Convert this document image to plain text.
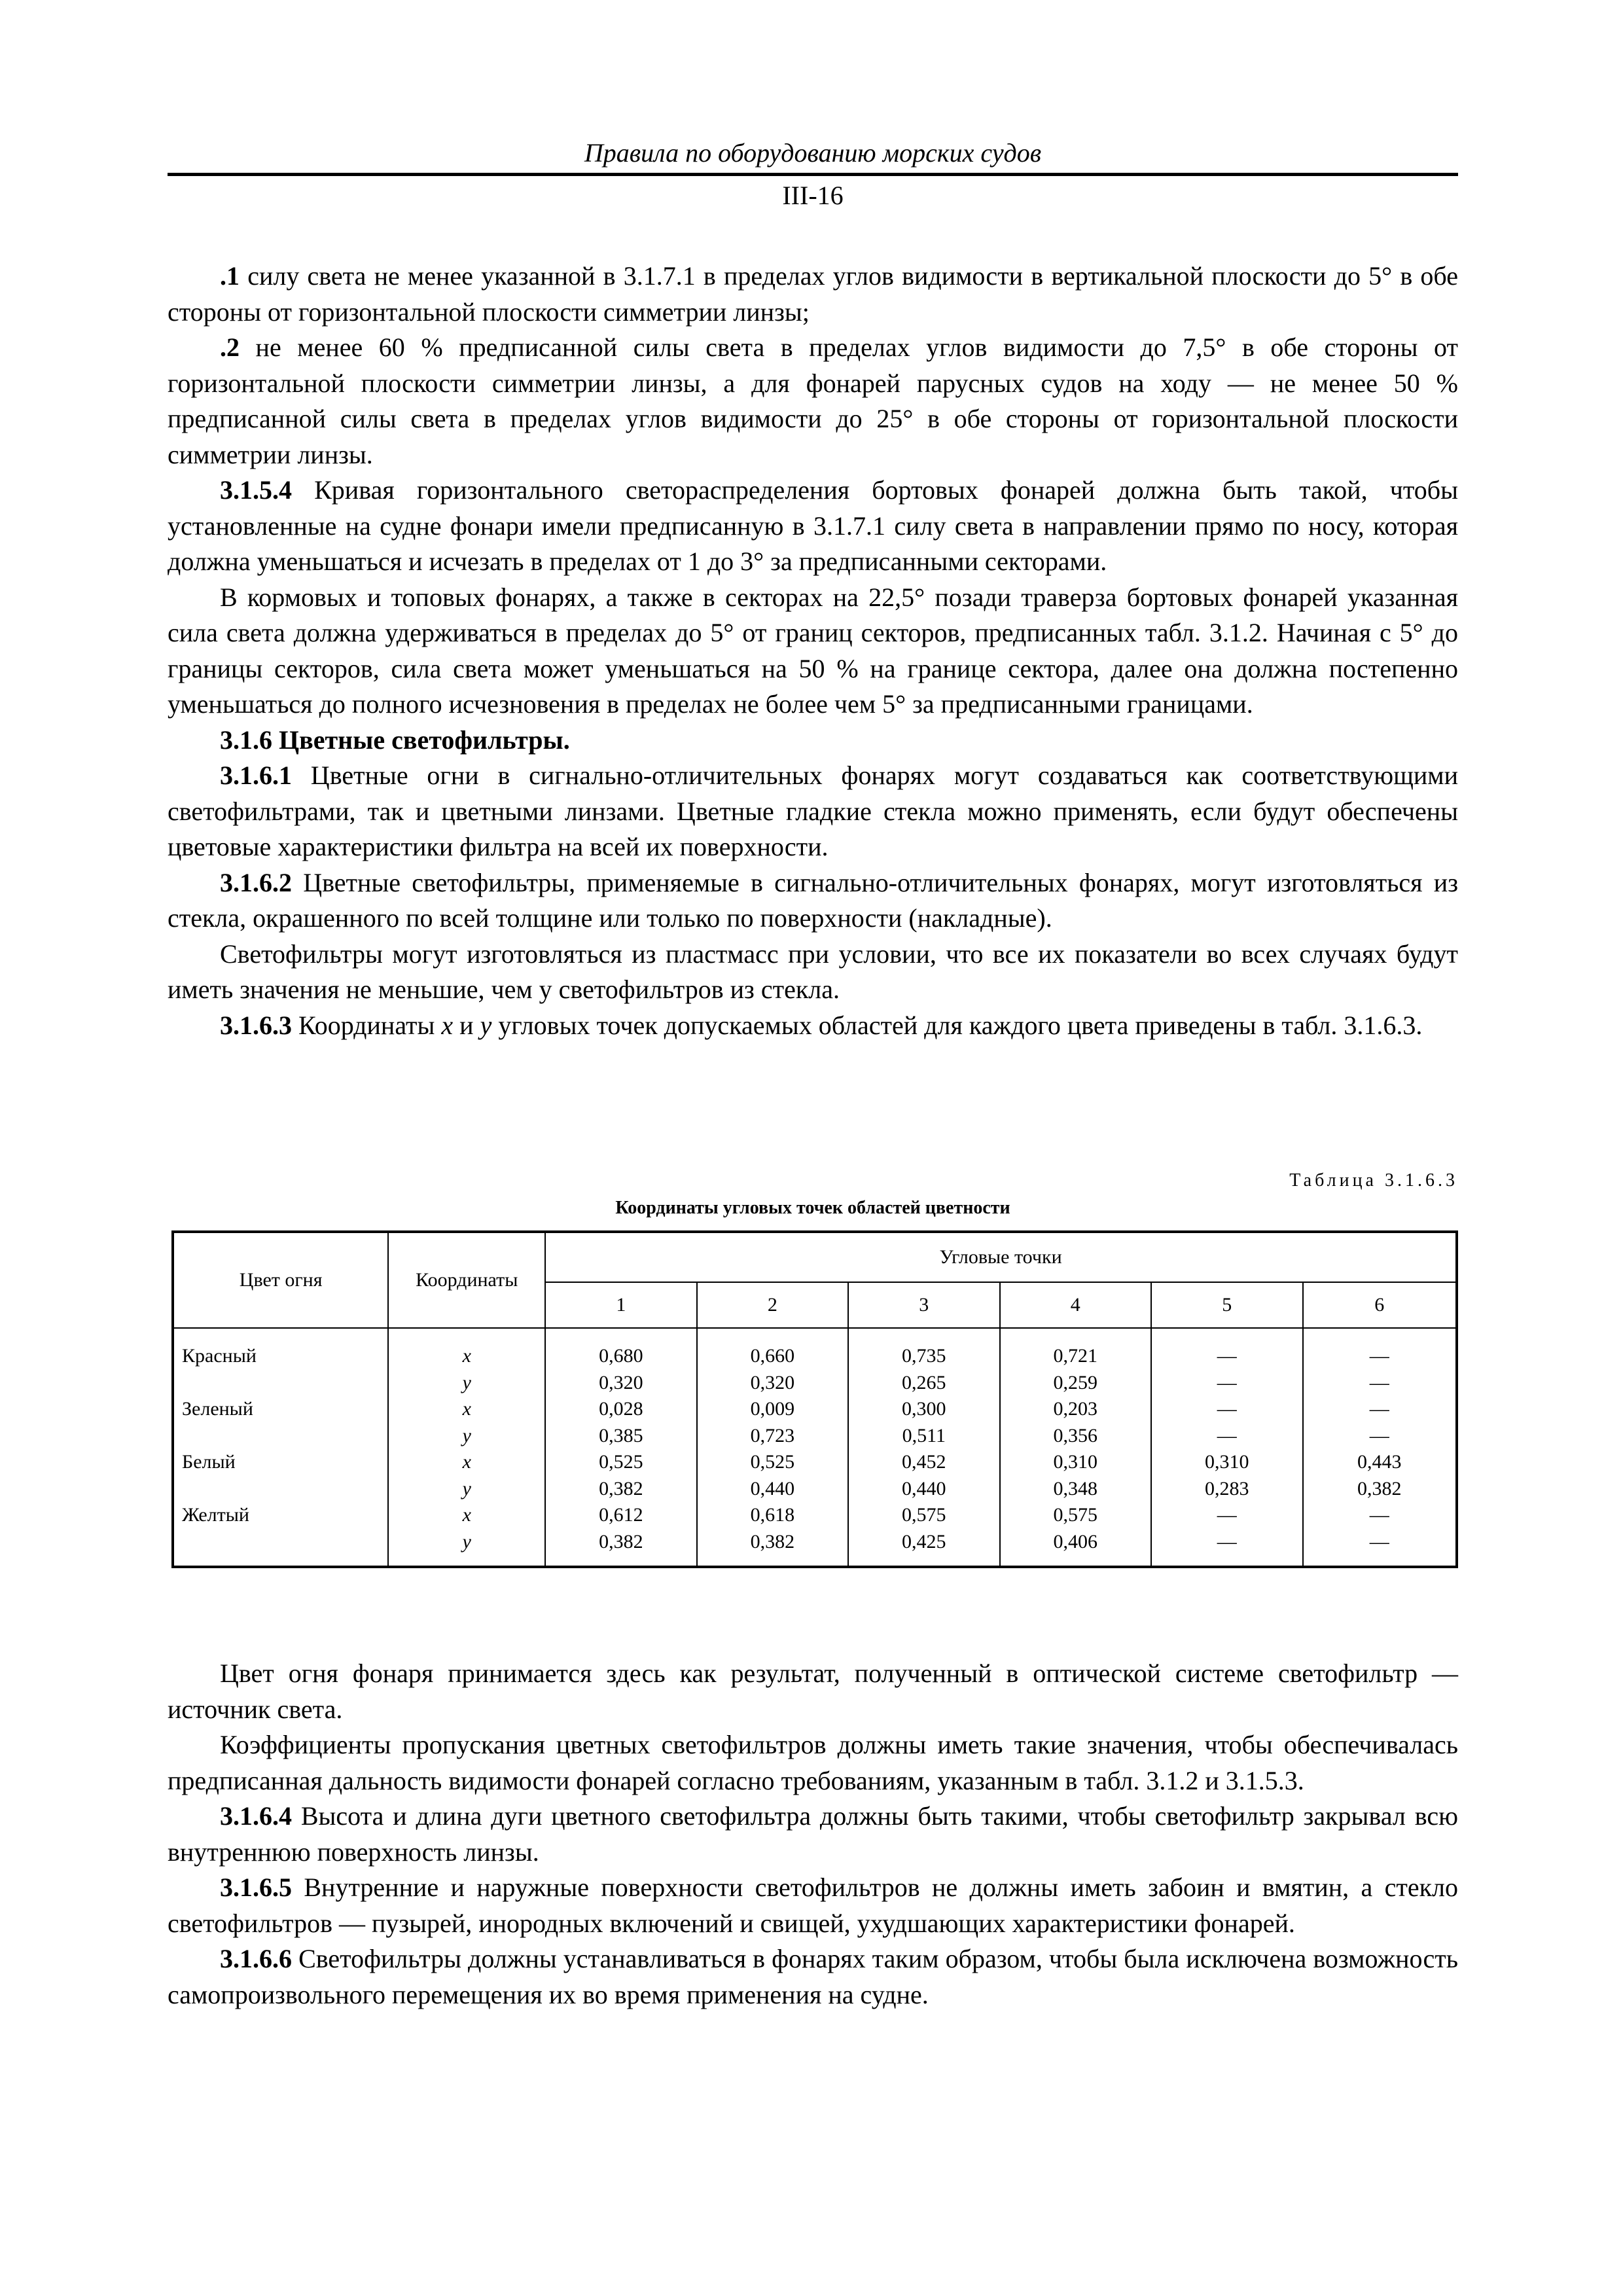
Правила по оборудованию морских судов
III-16

.1 силу света не менее указанной в 3.1.7.1 в пределах углов видимости в вертикальной плоскости до 5° в обе стороны от горизонтальной плоскости симметрии линзы;

.2 не менее 60 % предписанной силы света в пределах углов видимости до 7,5° в обе стороны от горизонтальной плоскости симметрии линзы, а для фонарей парусных судов на ходу — не менее 50 % предписанной силы света в пределах углов видимости до 25° в обе стороны от горизонтальной плоскости симметрии линзы.

3.1.5.4 Кривая горизонтального светораспределения бортовых фонарей должна быть такой, чтобы установленные на судне фонари имели предписанную в 3.1.7.1 силу света в направлении прямо по носу, которая должна уменьшаться и исчезать в пределах от 1 до 3° за предписанными секторами.

В кормовых и топовых фонарях, а также в секторах на 22,5° позади траверза бортовых фонарей указанная сила света должна удерживаться в пределах до 5° от границ секторов, предписанных табл. 3.1.2. Начиная с 5° до границы секторов, сила света может уменьшаться на 50 % на границе сектора, далее она должна постепенно уменьшаться до полного исчезновения в пределах не более чем 5° за предписанными границами.

3.1.6 Цветные светофильтры.

3.1.6.1 Цветные огни в сигнально-отличительных фонарях могут создаваться как соответствующими светофильтрами, так и цветными линзами. Цветные гладкие стекла можно применять, если будут обеспечены цветовые характеристики фильтра на всей их поверхности.

3.1.6.2 Цветные светофильтры, применяемые в сигнально-отличительных фонарях, могут изготовляться из стекла, окрашенного по всей толщине или только по поверхности (накладные).

Светофильтры могут изготовляться из пластмасс при условии, что все их показатели во всех случаях будут иметь значения не меньшие, чем у светофильтров из стекла.

3.1.6.3 Координаты x и y угловых точек допускаемых областей для каждого цвета приведены в табл. 3.1.6.3.

Таблица 3.1.6.3
Координаты угловых точек областей цветности
Цвет огня	Координаты	Угловые точки					
		1	2	3	4	5	6
Красный	x	0,680	0,660	0,735	0,721	—	—
	y	0,320	0,320	0,265	0,259	—	—
Зеленый	x	0,028	0,009	0,300	0,203	—	—
	y	0,385	0,723	0,511	0,356	—	—
Белый	x	0,525	0,525	0,452	0,310	0,310	0,443
	y	0,382	0,440	0,440	0,348	0,283	0,382
Желтый	x	0,612	0,618	0,575	0,575	—	—
	y	0,382	0,382	0,425	0,406	—	—

Цвет огня фонаря принимается здесь как результат, полученный в оптической системе светофильтр — источник света.

Коэффициенты пропускания цветных светофильтров должны иметь такие значения, чтобы обеспечивалась предписанная дальность видимости фонарей согласно требованиям, указанным в табл. 3.1.2 и 3.1.5.3.

3.1.6.4 Высота и длина дуги цветного светофильтра должны быть такими, чтобы светофильтр закрывал всю внутреннюю поверхность линзы.

3.1.6.5 Внутренние и наружные поверхности светофильтров не должны иметь забоин и вмятин, а стекло светофильтров — пузырей, инородных включений и свищей, ухудшающих характеристики фонарей.

3.1.6.6 Светофильтры должны устанавливаться в фонарях таким образом, чтобы была исключена возможность самопроизвольного перемещения их во время применения на судне.
